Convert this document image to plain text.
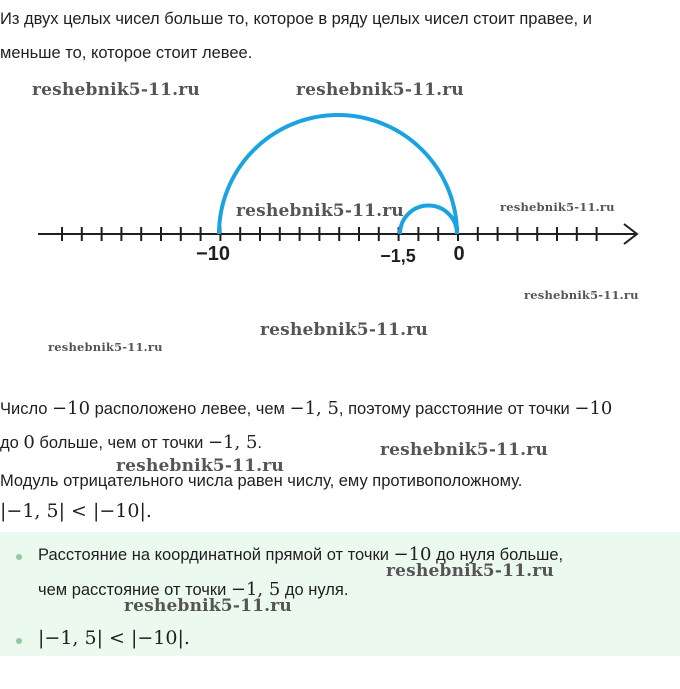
Из двух целых чисел больше то, которое в ряду целых чисел стоит правее, и

меньше то, которое стоит левее.

−10	−1,5 0

Число −10 расположено левее, чем −1, 5, поэтому расстояние от точки −10

до 0 больше, чем от точки −1, 5.

Модуль отрицательного числа равен числу, ему противоположному.

|−1, 5| < |−10|.
Расстояние на координатной прямой от точки −10 до нуля больше,
чем расстояние от точки −1, 5 до нуля.
|−1, 5| < |−10|.
reshebnik5-11.ru	reshebnik5-11.ru
reshebnik5-11.ru	reshebnik5-11.ru
reshebnik5-11.ru
reshebnik5-11.ru
reshebnik5-11.ru
reshebnik5-11.ru
reshebnik5-11.ru
reshebnik5-11.ru
reshebnik5-11.ru
